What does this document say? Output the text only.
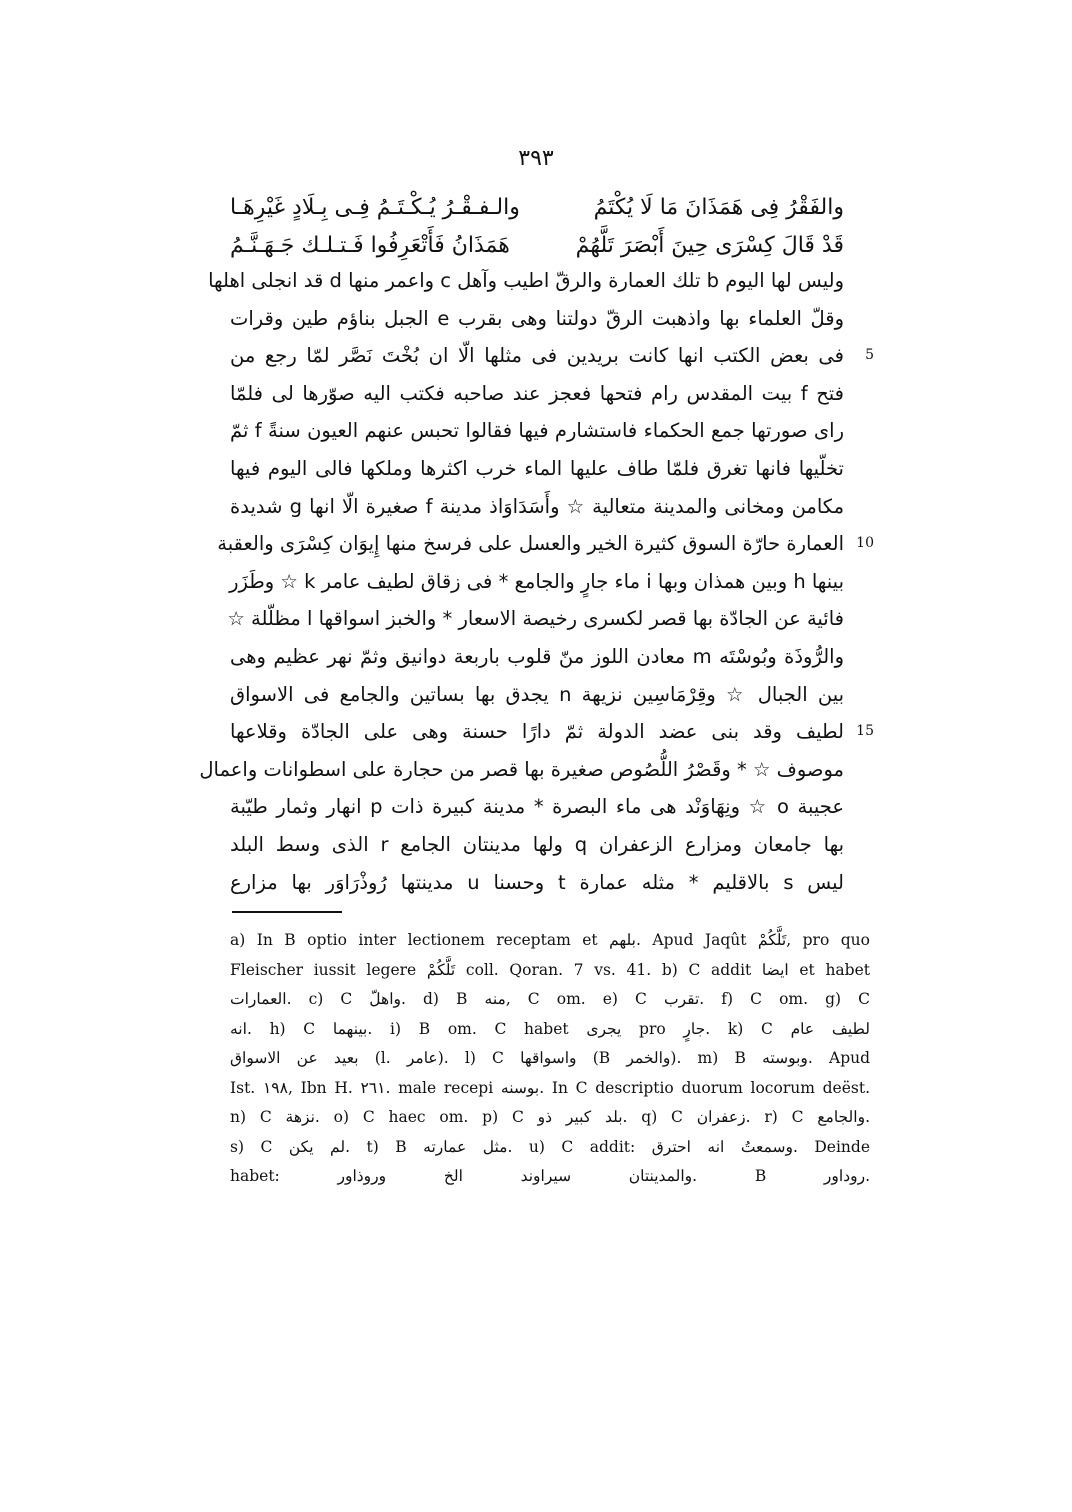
٣٩٣
والفَقْرُ فِى هَمَذَانَ مَا لَا يُكْتَمُ
والـفـقْـرُ يُـكْـتَـمُ فِـى بِـلَادٍ غَيْرِهَـا
قَدْ قَالَ كِسْرَى حِينَ أَبْصَرَ تَلَّهُمْ
هَمَذَانُ فَأَتْعَرِفُوا فَـتـلـك جَـهَـنَّـمُ
وليس لها اليوم b تلك العمارة والرقّ اطيب وآهل c واعمر منها d قد انجلى اهلها
وقلّ العلماء بها واذهبت الرقّ دولتنا وهى بقرب e الجبل بناؤم طين وقرات
فى بعض الكتب انها كانت بريدين فى مثلها الّا ان بُخْتَ نَصَّر لمّا رجع من 5
فتح f بيت المقدس رام فتحها فعجز عند صاحبه فكتب اليه صوّرها لى فلمّا
راى صورتها جمع الحكماء فاستشارم فيها فقالوا تحبس عنهم العيون سنةً f ثمّ
تخلّيها فانها تغرق فلمّا طاف عليها الماء خرب اكثرها وملكها فالى اليوم فيها
مكامن ومخانى والمدينة متعالية ☆ وأَسَدَاوَاذ مدينة f صغيرة الّا انها g شديدة
العمارة حارّة السوق كثيرة الخير والعسل على فرسخ منها إِيوَان كِسْرَى والعقبة 10
بينها h وبين همذان وبها i ماء جارٍ والجامع * فى زقاق لطيف عامر k ☆ وطَزَر
فائية عن الجادّة بها قصر لكسرى رخيصة الاسعار * والخبز اسواقها l مظلّلة ☆
والرُّوذَة وبُوسْتَه m معادن اللوز منّ قلوب باربعة دوانيق وثمّ نهر عظيم وهى
بين الجبال ☆ وقِرْمَاسِين نزيهة n يجدق بها بساتين والجامع فى الاسواق
لطيف وقد بنى عضد الدولة ثمّ دارًا حسنة وهى على الجادّة وقلاعها 15
موصوف ☆ * وقَصْرُ اللُّصُوص صغيرة بها قصر من حجارة على اسطوانات واعمال
عجيبة o ☆ ونِهَاوَنْد هى ماء البصرة * مدينة كبيرة ذات p انهار وثمار طيّبة
بها جامعان ومزارع الزعفران q ولها مدينتان الجامع r الذى وسط البلد
ليس s بالاقليم * مثله عمارة t وحسنا u مدينتها رُوذْرَاوَر بها مزارع
a) In B optio inter lectionem receptam et بلهم. Apud Jaqût تَلَّكُمْ, pro quo
Fleischer iussit legere تَلَّكُمْ coll. Qoran. 7 vs. 41. b) C addit ايضا et habet
العمارات. c) C واهلّ. d) B منه, C om. e) C تقرب. f) C om. g) C
انه. h) C بينهما. i) B om. C habet يجرى pro جارٍ. k) C لطيف عام
بعيد عن الاسواق (l. عامر). l) C واسواقها (B والخمر). m) B وبوسته. Apud
Ist. ١٩٨, Ibn H. ٢٦١. male recepi بوسنه. In C descriptio duorum locorum deëst.
n) C نزهة. o) C haec om. p) C بلد كبير ذو. q) C زعفران. r) C والجامع.
s) C لم يكن. t) B مثل عمارته. u) C addit: وسمعتُ انه احترق. Deinde
habet: والمدينتان سيراوند الخ وروذاور. B روداور.
